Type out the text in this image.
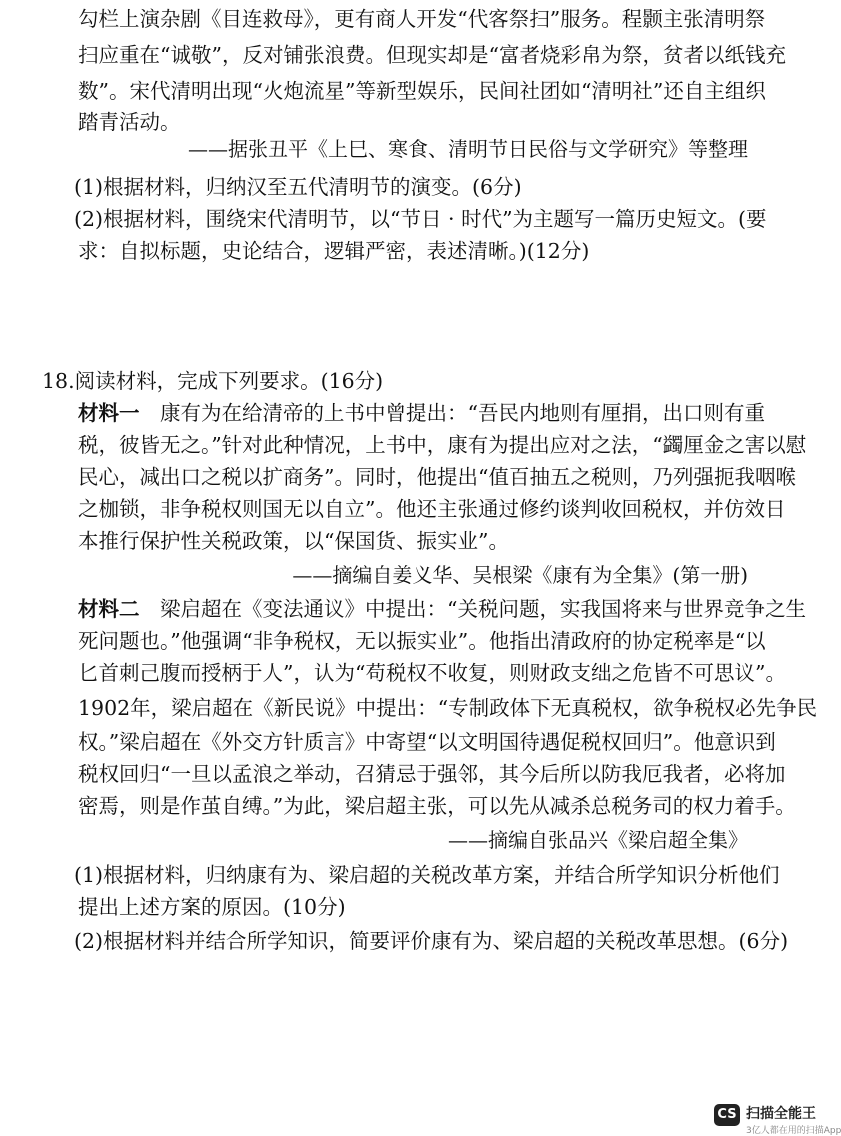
勾栏上演杂剧《目连救母》，更有商人开发“代客祭扫”服务。程颢主张清明祭
扫应重在“诚敬”，反对铺张浪费。但现实却是“富者烧彩帛为祭，贫者以纸钱充
数”。宋代清明出现“火炮流星”等新型娱乐，民间社团如“清明社”还自主组织
踏青活动。
——据张丑平《上巳、寒食、清明节日民俗与文学研究》等整理
(1)根据材料，归纳汉至五代清明节的演变。(6分)
(2)根据材料，围绕宋代清明节，以“节日 · 时代”为主题写一篇历史短文。(要
求：自拟标题，史论结合，逻辑严密，表述清晰。)(12分)
18.阅读材料，完成下列要求。(16分)
材料一　 康有为在给清帝的上书中曾提出：“吾民内地则有厘捐，出口则有重
税，彼皆无之。”针对此种情况，上书中，康有为提出应对之法，“蠲厘金之害以慰
民心，减出口之税以扩商务”。同时，他提出“值百抽五之税则，乃列强扼我咽喉
之枷锁，非争税权则国无以自立”。他还主张通过修约谈判收回税权，并仿效日
本推行保护性关税政策，以“保国货、振实业”。
——摘编自姜义华、吴根梁《康有为全集》(第一册)
材料二　 梁启超在《变法通议》中提出：“关税问题，实我国将来与世界竞争之生
死问题也。”他强调“非争税权，无以振实业”。他指出清政府的协定税率是“以
匕首刺己腹而授柄于人”，认为“苟税权不收复，则财政支绌之危皆不可思议”。
1902年，梁启超在《新民说》中提出：“专制政体下无真税权，欲争税权必先争民
权。”梁启超在《外交方针质言》中寄望“以文明国待遇促税权回归”。他意识到
税权回归“一旦以孟浪之举动，召猜忌于强邻，其今后所以防我厄我者，必将加
密焉，则是作茧自缚。”为此，梁启超主张，可以先从减杀总税务司的权力着手。
——摘编自张品兴《梁启超全集》
(1)根据材料，归纳康有为、梁启超的关税改革方案，并结合所学知识分析他们
提出上述方案的原因。(10分)
(2)根据材料并结合所学知识，简要评价康有为、梁启超的关税改革思想。(6分)
CS 扫描全能王
3亿人都在用的扫描App
